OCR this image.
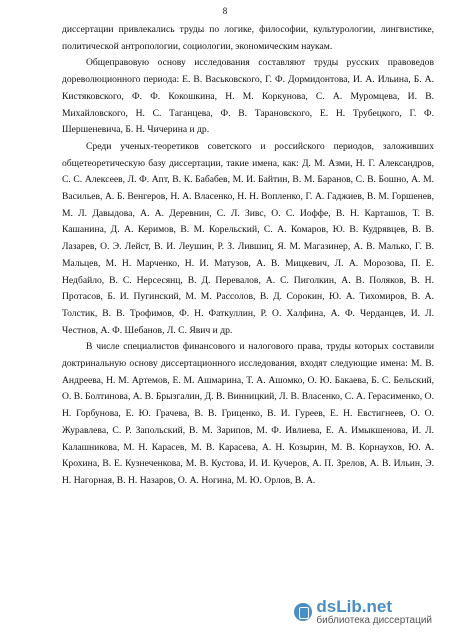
8

диссертации привлекались труды по логике, философии, культурологии, лингвистике, политической антропологии, социологии, экономическим наукам.

Общеправовую основу исследования составляют труды русских правоведов дореволюционного периода: Е. В. Васьковского, Г. Ф. Дормидонтова, И. А. Ильина, Б. А. Кистяковского, Ф. Ф. Кокошкина, Н. М. Коркунова, С. А. Муромцева, И. В. Михайловского, Н. С. Таганцева, Ф. В. Тарановского, Е. Н. Трубецкого, Г. Ф. Шершеневича, Б. Н. Чичерина и др.

Среди ученых-теоретиков советского и российского периодов, заложивших общетеоретическую базу диссертации, такие имена, как: Д. М. Азми, Н. Г. Александров, С. С. Алексеев, Л. Ф. Апт, В. К. Бабабев, М. И. Байтин, В. М. Баранов, С. В. Бошно, А. М. Васильев, А. Б. Венгеров, Н. А. Власенко, Н. Н. Вопленко, Г. А. Гаджиев, В. М. Горшенев, М. Л. Давыдова, А. А. Деревнин, С. Л. Зивс, О. С. Иоффе, В. Н. Карташов, Т. В. Кашанина, Д. А. Керимов, В. М. Корельский, С. А. Комаров, Ю. В. Кудрявцев, В. В. Лазарев, О. Э. Лейст, В. И. Леушин, Р. З. Лившиц, Я. М. Магазинер, А. В. Малько, Г. В. Мальцев, М. Н. Марченко, Н. И. Матузов, А. В. Мицкевич, Л. А. Морозова, П. Е. Недбайло, В. С. Нерсесянц, В. Д. Перевалов, А. С. Пиголкин, А. В. Поляков, В. Н. Протасов, Б. И. Пугинский, М. М. Рассолов, В. Д. Сорокин, Ю. А. Тихомиров, В. А. Толстик, В. В. Трофимов, Ф. Н. Фаткуллин, Р. О. Халфина, А. Ф. Черданцев, И. Л. Честнов, А. Ф. Шебанов, Л. С. Явич и др.

В числе специалистов финансового и налогового права, труды которых составили доктринальную основу диссертационного исследования, входят следующие имена: М. В. Андреева, Н. М. Артемов, Е. М. Ашмарина, Т. А. Ашомко, О. Ю. Бакаева, Б. С. Бельский, О. В. Болтинова, А. В. Брызгалин, Д. В. Винницкий, Л. В. Власенко, С. А. Герасименко, О. Н. Горбунова, Е. Ю. Грачева, В. В. Гриценко, В. И. Гуреев, Е. Н. Евстигнеев, О. О. Журавлева, С. Р. Запольский, В. М. Зарипов, М. Ф. Ивлиева, Е. А. Имыкшенова, И. Л. Калашникова, М. Н. Карасев, М. В. Карасева, А. Н. Козырин, М. В. Корнаухов, Ю. А. Крохина, В. Е. Кузнеченкова, М. В. Кустова, И. И. Кучеров, А. П. Зрелов, А. В. Ильин, Э. Н. Нагорная, В. Н. Назаров, О. А. Ногина, М. Ю. Орлов, В. А.

dsLib.net
библиотека диссертаций
